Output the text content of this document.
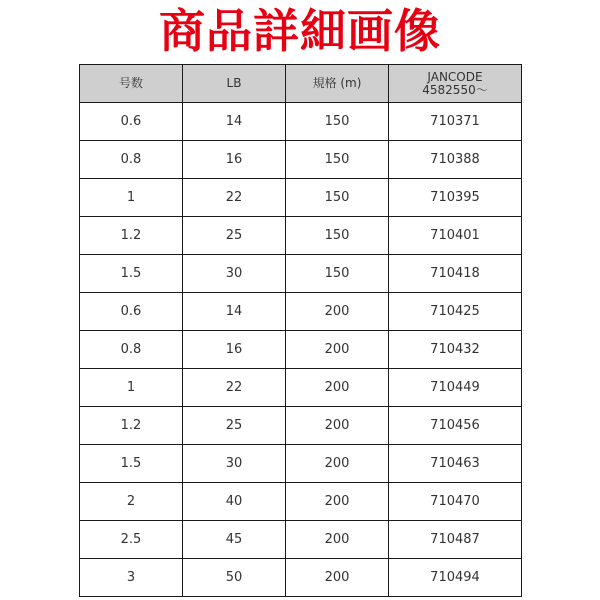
商品詳細画像
号数	LB	規格 (m)	JANCODE
4582550〜
0.6	14	150	710371
0.8	16	150	710388
1	22	150	710395
1.2	25	150	710401
1.5	30	150	710418
0.6	14	200	710425
0.8	16	200	710432
1	22	200	710449
1.2	25	200	710456
1.5	30	200	710463
2	40	200	710470
2.5	45	200	710487
3	50	200	710494
